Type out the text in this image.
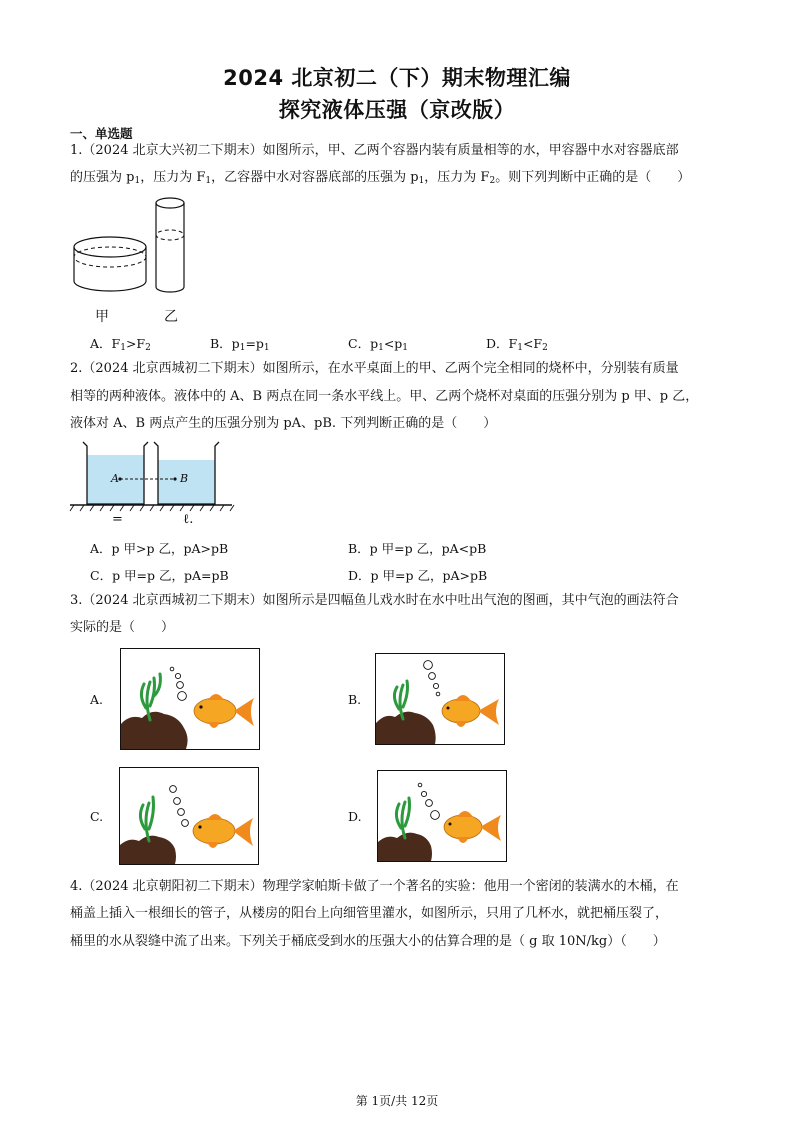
2024 北京初二（下）期末物理汇编
探究液体压强（京改版）
一、单选题
1.（2024 北京大兴初二下期末）如图所示，甲、乙两个容器内装有质量相等的水，甲容器中水对容器底部
的压强为 $p_1$，压力为 $F_1$，乙容器中水对容器底部的压强为 $p_1$，压力为 $F_2$。则下列判断中正确的是（　　）
甲	乙
A．$F_1>F_2$	B．$p_1=p_1$	C．$p_1<p_1$	D．$F_1<F_2$
2.（2024 北京西城初二下期末）如图所示，在水平桌面上的甲、乙两个完全相同的烧杯中，分别装有质量
相等的两种液体。液体中的 A、B 两点在同一条水平线上。甲、乙两个烧杯对桌面的压强分别为 p 甲、p 乙，
液体对 A、B 两点产生的压强分别为 pA、pB. 下列判断正确的是（　　）
A	B
=	ℓ.
A．p 甲>p 乙，pA>pB	B．p 甲=p 乙，pA<pB
C．p 甲=p 乙，pA=pB	D．p 甲=p 乙，pA>pB
3.（2024 北京西城初二下期末）如图所示是四幅鱼儿戏水时在水中吐出气泡的图画，其中气泡的画法符合
实际的是（　　）
A.	B.
C.	D.
4.（2024 北京朝阳初二下期末）物理学家帕斯卡做了一个著名的实验：他用一个密闭的装满水的木桶，在
桶盖上插入一根细长的管子，从楼房的阳台上向细管里灌水，如图所示，只用了几杯水，就把桶压裂了，
桶里的水从裂缝中流了出来。下列关于桶底受到水的压强大小的估算合理的是（ g 取 10N/kg）（　　）
第 1页/共 12页
